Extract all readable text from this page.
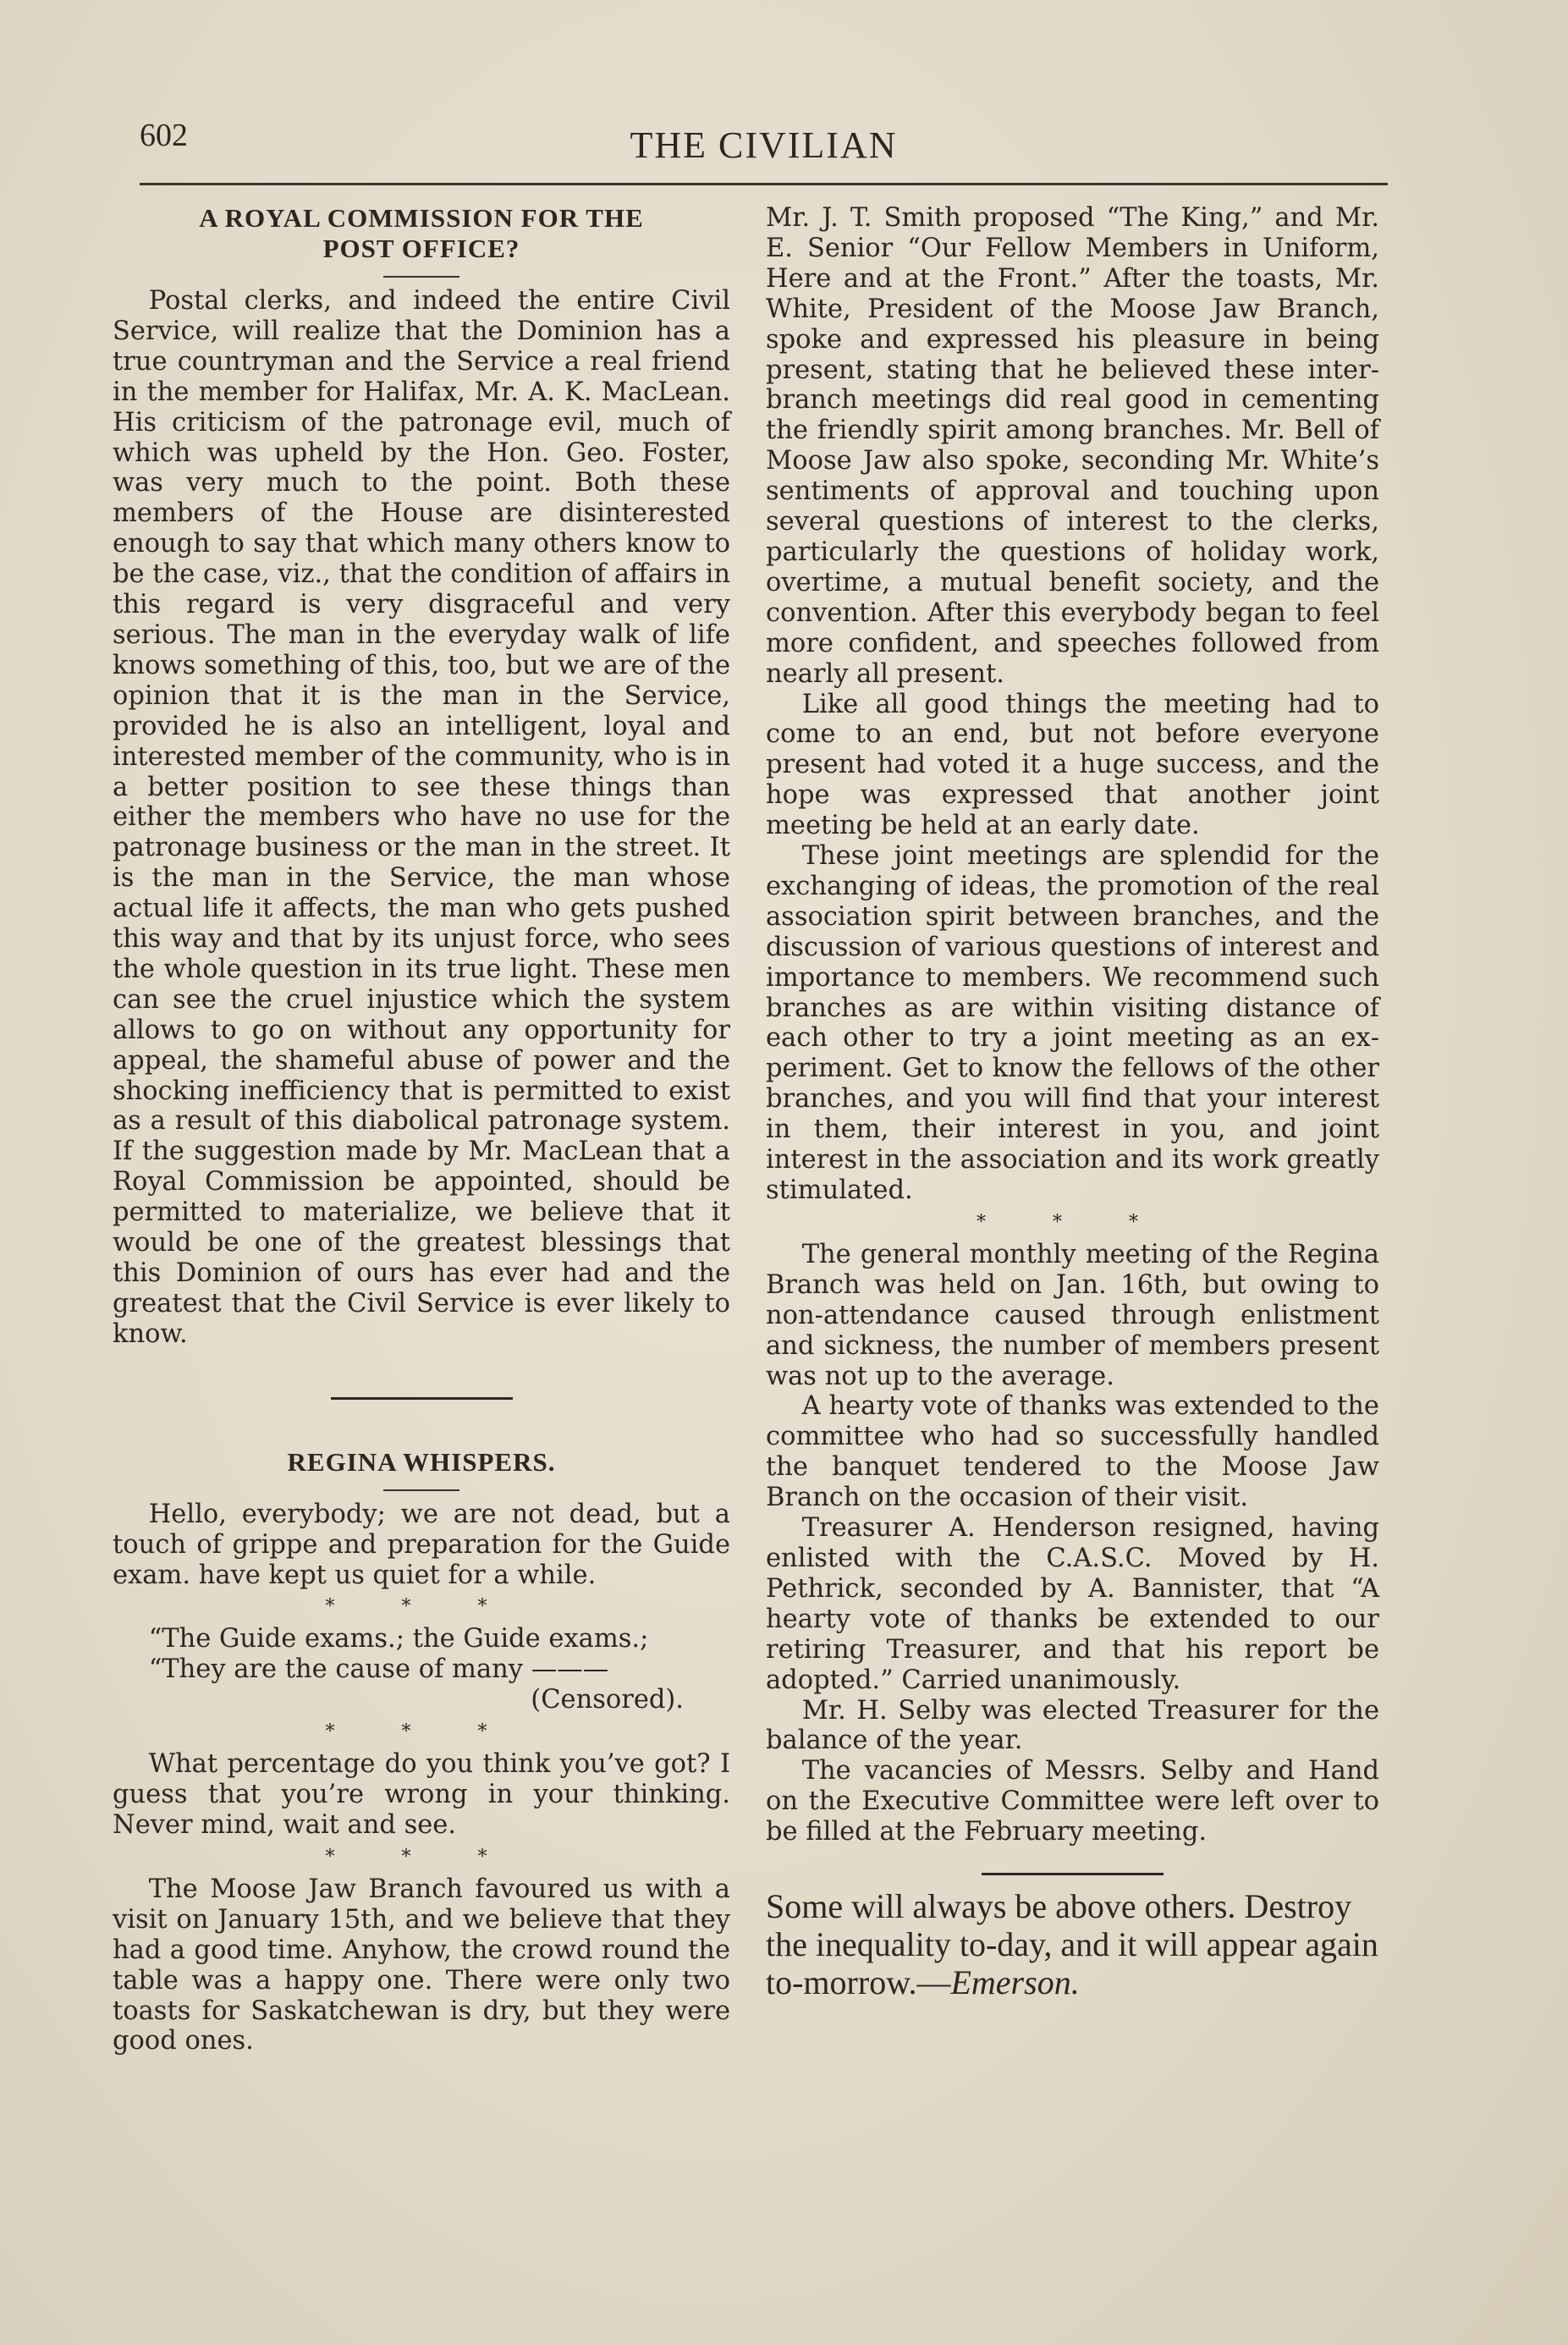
602	THE CIVILIAN
A ROYAL COMMISSION FOR THE
POST OFFICE?

Postal clerks, and indeed the entire Civil Service, will realize that the Dominion has a true countryman and the Service a real friend in the member for Halifax, Mr. A. K. MacLean. His criticism of the patronage evil, much of which was upheld by the Hon. Geo. Foster, was very much to the point. Both these members of the House are disinterested enough to say that which many others know to be the case, viz., that the condition of affairs in this regard is very disgraceful and very serious. The man in the everyday walk of life knows something of this, too, but we are of the opinion that it is the man in the Service, provided he is also an intelligent, loyal and interested member of the community, who is in a better position to see these things than either the members who have no use for the patronage business or the man in the street. It is the man in the Service, the man whose actual life it affects, the man who gets pushed this way and that by its unjust force, who sees the whole question in its true light. These men can see the cruel injustice which the system allows to go on without any opportunity for appeal, the shameful abuse of power and the shocking inefficiency that is permitted to exist as a result of this diabolical patronage system. If the suggestion made by Mr. MacLean that a Royal Commission be appointed, should be permitted to materialize, we believe that it would be one of the greatest blessings that this Dominion of ours has ever had and the greatest that the Civil Service is ever likely to know.

REGINA WHISPERS.

Hello, everybody; we are not dead, but a touch of grippe and preparation for the Guide exam. have kept us quiet for a while.

* * *

“The Guide exams.; the Guide exams.;

“They are the cause of many ———

(Censored).

* * *

What percentage do you think you’ve got? I guess that you’re wrong in your thinking. Never mind, wait and see.

* * *

The Moose Jaw Branch favoured us with a visit on January 15th, and we believe that they had a good time. Anyhow, the crowd round the table was a happy one. There were only two toasts for Saskatchewan is dry, but they were good ones.

Mr. J. T. Smith proposed “The King,” and Mr. E. Senior “Our Fellow Members in Uniform, Here and at the Front.” After the toasts, Mr. White, President of the Moose Jaw Branch, spoke and expressed his pleasure in being present, stating that he believed these interbranch meetings did real good in cementing the friendly spirit among branches. Mr. Bell of Moose Jaw also spoke, seconding Mr. White’s sentiments of approval and touching upon several questions of interest to the clerks, particularly the questions of holiday work, overtime, a mutual benefit society, and the convention. After this everybody began to feel more confident, and speeches followed from nearly all present.

Like all good things the meeting had to come to an end, but not before everyone present had voted it a huge success, and the hope was expressed that another joint meeting be held at an early date.

These joint meetings are splendid for the exchanging of ideas, the promotion of the real association spirit between branches, and the discussion of various questions of interest and importance to members. We recommend such branches as are within visiting distance of each other to try a joint meeting as an experiment. Get to know the fellows of the other branches, and you will find that your interest in them, their interest in you, and joint interest in the association and its work greatly stimulated.

* * *

The general monthly meeting of the Regina Branch was held on Jan. 16th, but owing to non-attendance caused through enlistment and sickness, the number of members present was not up to the average.

A hearty vote of thanks was extended to the committee who had so successfully handled the banquet tendered to the Moose Jaw Branch on the occasion of their visit.

Treasurer A. Henderson resigned, having enlisted with the C.A.S.C. Moved by H. Pethrick, seconded by A. Bannister, that “A hearty vote of thanks be extended to our retiring Treasurer, and that his report be adopted.” Carried unanimously.

Mr. H. Selby was elected Treasurer for the balance of the year.

The vacancies of Messrs. Selby and Hand on the Executive Committee were left over to be filled at the February meeting.

Some will always be above others. Destroy the inequality to-day, and it will appear again to-morrow.—Emerson.
